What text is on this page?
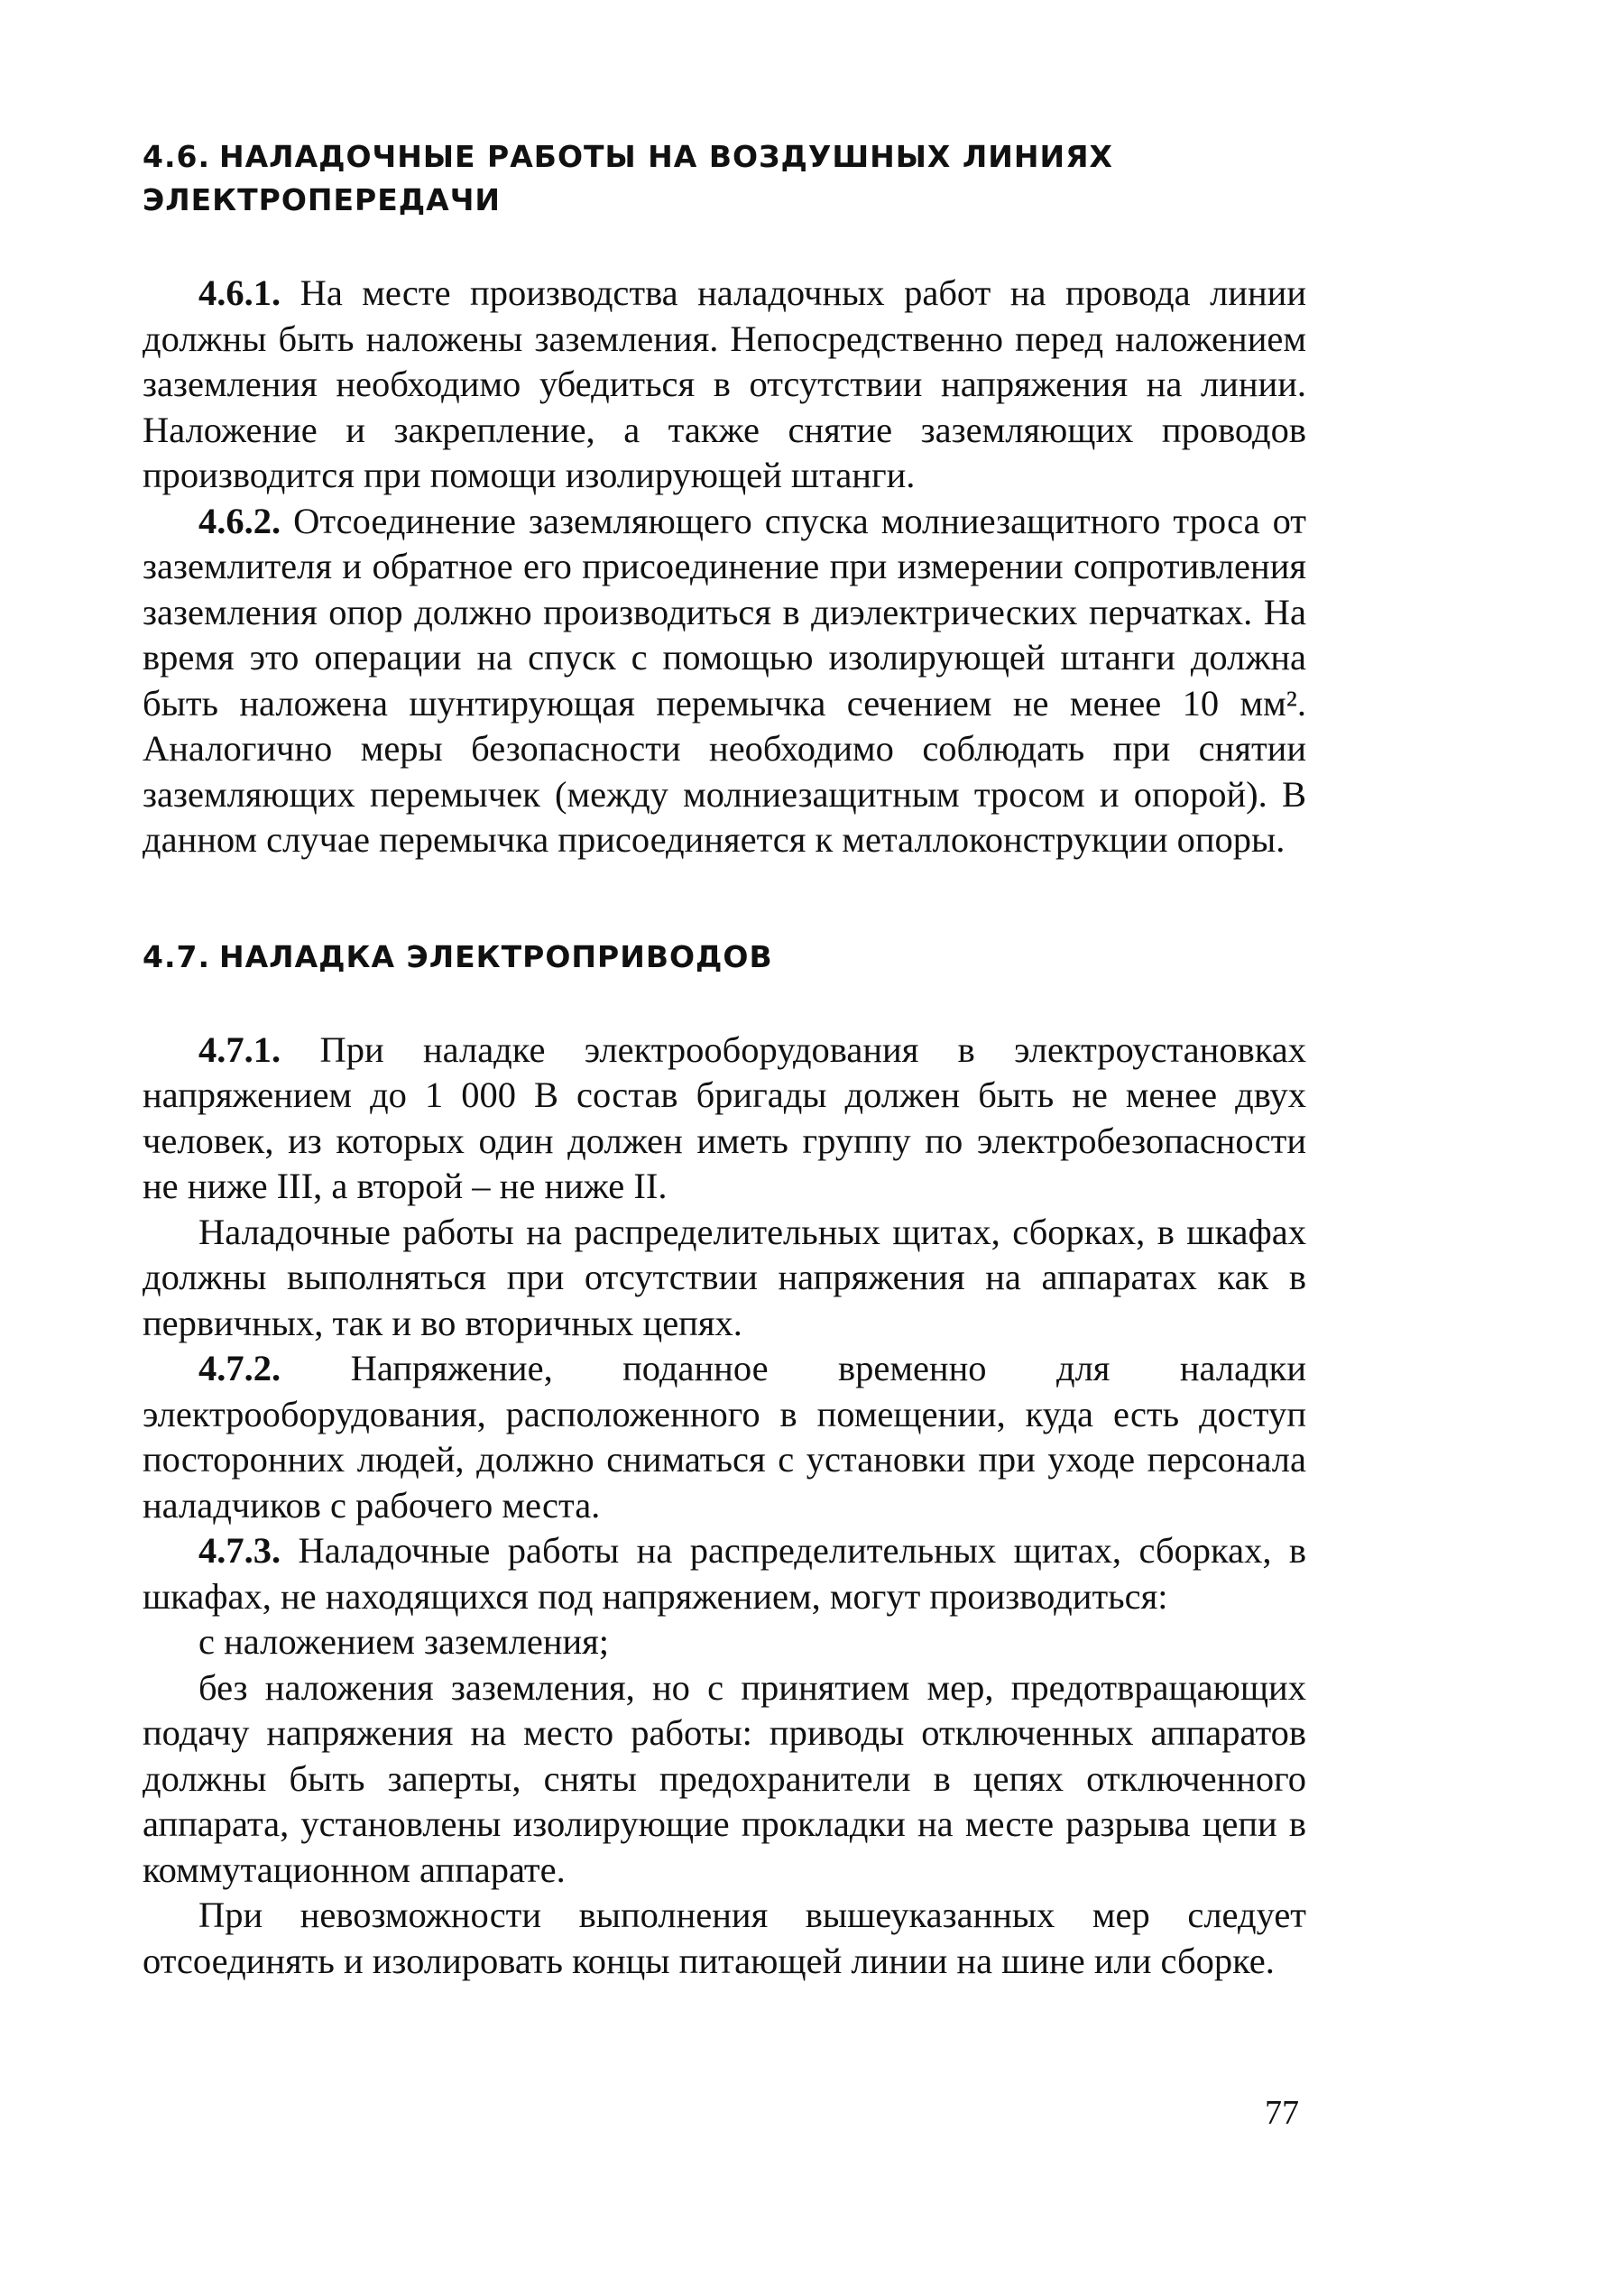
4.6. НАЛАДОЧНЫЕ РАБОТЫ НА ВОЗДУШНЫХ ЛИНИЯХ ЭЛЕКТРОПЕРЕДАЧИ

4.6.1. На месте производства наладочных работ на провода линии должны быть наложены заземления. Непосредственно перед наложением заземления необходимо убедиться в отсутствии напряжения на линии. Наложение и закрепление, а также снятие заземляющих проводов производится при помощи изолирующей штанги.

4.6.2. Отсоединение заземляющего спуска молниезащитного троса от заземлителя и обратное его присоединение при измерении сопротивления заземления опор должно производиться в диэлектрических перчатках. На время это операции на спуск с помощью изолирующей штанги должна быть наложена шунтирующая перемычка сечением не менее 10 мм². Аналогично меры безопасности необходимо соблюдать при снятии заземляющих перемычек (между молниезащитным тросом и опорой). В данном случае перемычка присоединяется к металлоконструкции опоры.

4.7. НАЛАДКА ЭЛЕКТРОПРИВОДОВ

4.7.1. При наладке электрооборудования в электроустановках напряжением до 1 000 В состав бригады должен быть не менее двух человек, из которых один должен иметь группу по электробезопасности не ниже III, а второй – не ниже II.

Наладочные работы на распределительных щитах, сборках, в шкафах должны выполняться при отсутствии напряжения на аппаратах как в первичных, так и во вторичных цепях.

4.7.2. Напряжение, поданное временно для наладки электрооборудования, расположенного в помещении, куда есть доступ посторонних людей, должно сниматься с установки при уходе персонала наладчиков с рабочего места.

4.7.3. Наладочные работы на распределительных щитах, сборках, в шкафах, не находящихся под напряжением, могут производиться:

с наложением заземления;

без наложения заземления, но с принятием мер, предотвращающих подачу напряжения на место работы: приводы отключенных аппаратов должны быть заперты, сняты предохранители в цепях отключенного аппарата, установлены изолирующие прокладки на месте разрыва цепи в коммутационном аппарате.

При невозможности выполнения вышеуказанных мер следует отсоединять и изолировать концы питающей линии на шине или сборке.

77
